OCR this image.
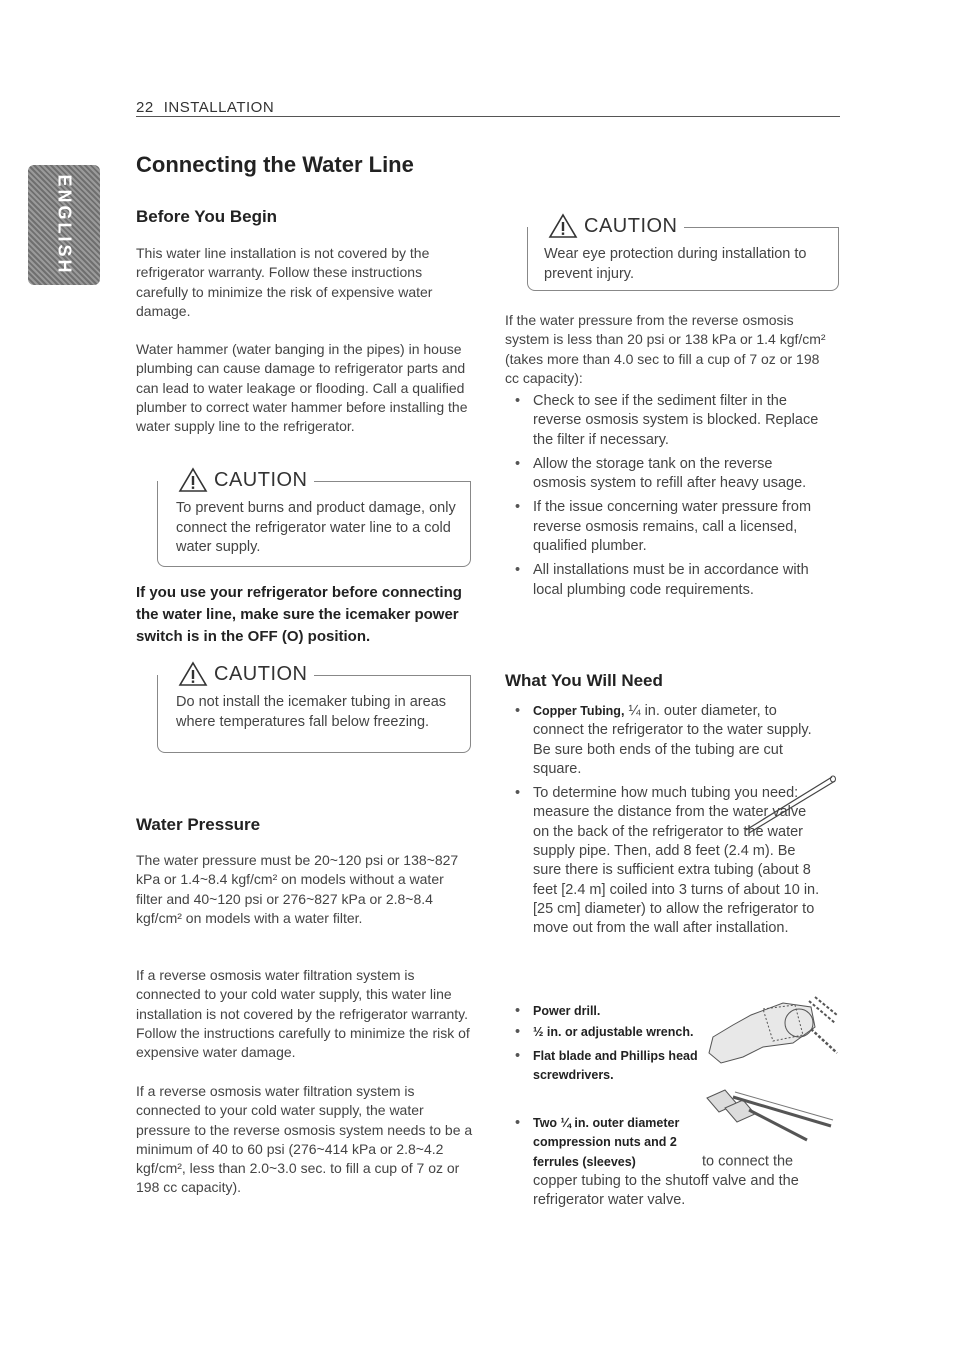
22 INSTALLATION
ENGLISH
Connecting the Water Line
Before You Begin
This water line installation is not covered by the refrigerator warranty. Follow these instructions carefully to minimize the risk of expensive water damage.
Water hammer (water banging in the pipes) in house plumbing can cause damage to refrigerator parts and can lead to water leakage or flooding. Call a qualified plumber to correct water hammer before installing the water supply line to the refrigerator.
CAUTION
To prevent burns and product damage, only connect the refrigerator water line to a cold water supply.
If you use your refrigerator before connecting the water line, make sure the icemaker power switch is in the OFF (O) position.
CAUTION
Do not install the icemaker tubing in areas where temperatures fall below freezing.
Water Pressure
The water pressure must be 20~120 psi or 138~827 kPa or 1.4~8.4 kgf/cm² on models without a water filter and 40~120 psi or 276~827 kPa or 2.8~8.4 kgf/cm² on models with a water filter.
If a reverse osmosis water filtration system is connected to your cold water supply, this water line installation is not covered by the refrigerator warranty. Follow the instructions carefully to minimize the risk of expensive water damage.
If a reverse osmosis water filtration system is connected to your cold water supply, the water pressure to the reverse osmosis system needs to be a minimum of 40 to 60 psi (276~414 kPa or 2.8~4.2 kgf/cm², less than 2.0~3.0 sec. to fill a cup of 7 oz or 198 cc capacity).
CAUTION
Wear eye protection during installation to prevent injury.
If the water pressure from the reverse osmosis system is less than 20 psi or 138 kPa or 1.4 kgf/cm² (takes more than 4.0 sec to fill a cup of 7 oz or 198 cc capacity):
• Check to see if the sediment filter in the reverse osmosis system is blocked. Replace the filter if necessary.
• Allow the storage tank on the reverse osmosis system to refill after heavy usage.
• If the issue concerning water pressure from reverse osmosis remains, call a licensed, qualified plumber.
• All installations must be in accordance with local plumbing code requirements.
What You Will Need
• Copper Tubing, ¼ in. outer diameter, to connect the refrigerator to the water supply. Be sure both ends of the tubing are cut square.
• To determine how much tubing you need: measure the distance from the water valve on the back of the refrigerator to the water supply pipe. Then, add 8 feet (2.4 m). Be sure there is sufficient extra tubing (about 8 feet [2.4 m] coiled into 3 turns of about 10 in. [25 cm] diameter) to allow the refrigerator to move out from the wall after installation.
• Power drill.
• ½ in. or adjustable wrench.
• Flat blade and Phillips head screwdrivers.
• Two ¼ in. outer diameter compression nuts and 2 ferrules (sleeves)	to connect the copper tubing to the shutoff valve and the refrigerator water valve.
